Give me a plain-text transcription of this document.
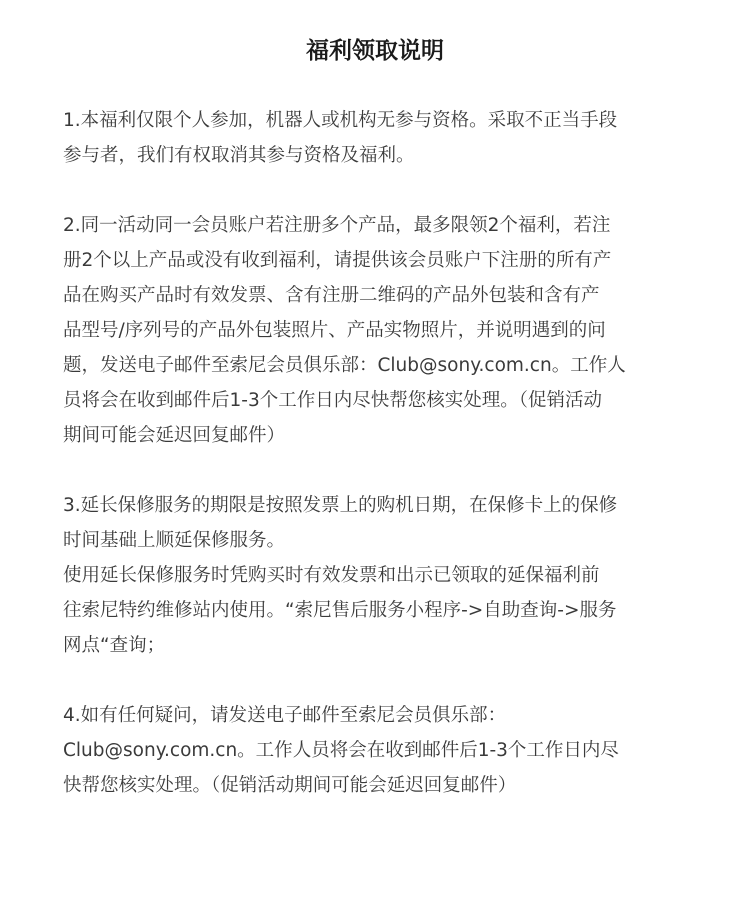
福利领取说明
1.本福利仅限个人参加，机器人或机构无参与资格。采取不正当手段
参与者，我们有权取消其参与资格及福利。
2.同一活动同一会员账户若注册多个产品，最多限领2个福利，若注
册2个以上产品或没有收到福利，请提供该会员账户下注册的所有产
品在购买产品时有效发票、含有注册二维码的产品外包装和含有产
品型号/序列号的产品外包装照片、产品实物照片，并说明遇到的问
题，发送电子邮件至索尼会员俱乐部：Club@sony.com.cn。工作人
员将会在收到邮件后1-3个工作日内尽快帮您核实处理。（促销活动
期间可能会延迟回复邮件）
3.延长保修服务的期限是按照发票上的购机日期，在保修卡上的保修
时间基础上顺延保修服务。
使用延长保修服务时凭购买时有效发票和出示已领取的延保福利前
往索尼特约维修站内使用。“索尼售后服务小程序->自助查询->服务
网点“查询；
4.如有任何疑问，请发送电子邮件至索尼会员俱乐部：
Club@sony.com.cn。工作人员将会在收到邮件后1-3个工作日内尽
快帮您核实处理。（促销活动期间可能会延迟回复邮件）
